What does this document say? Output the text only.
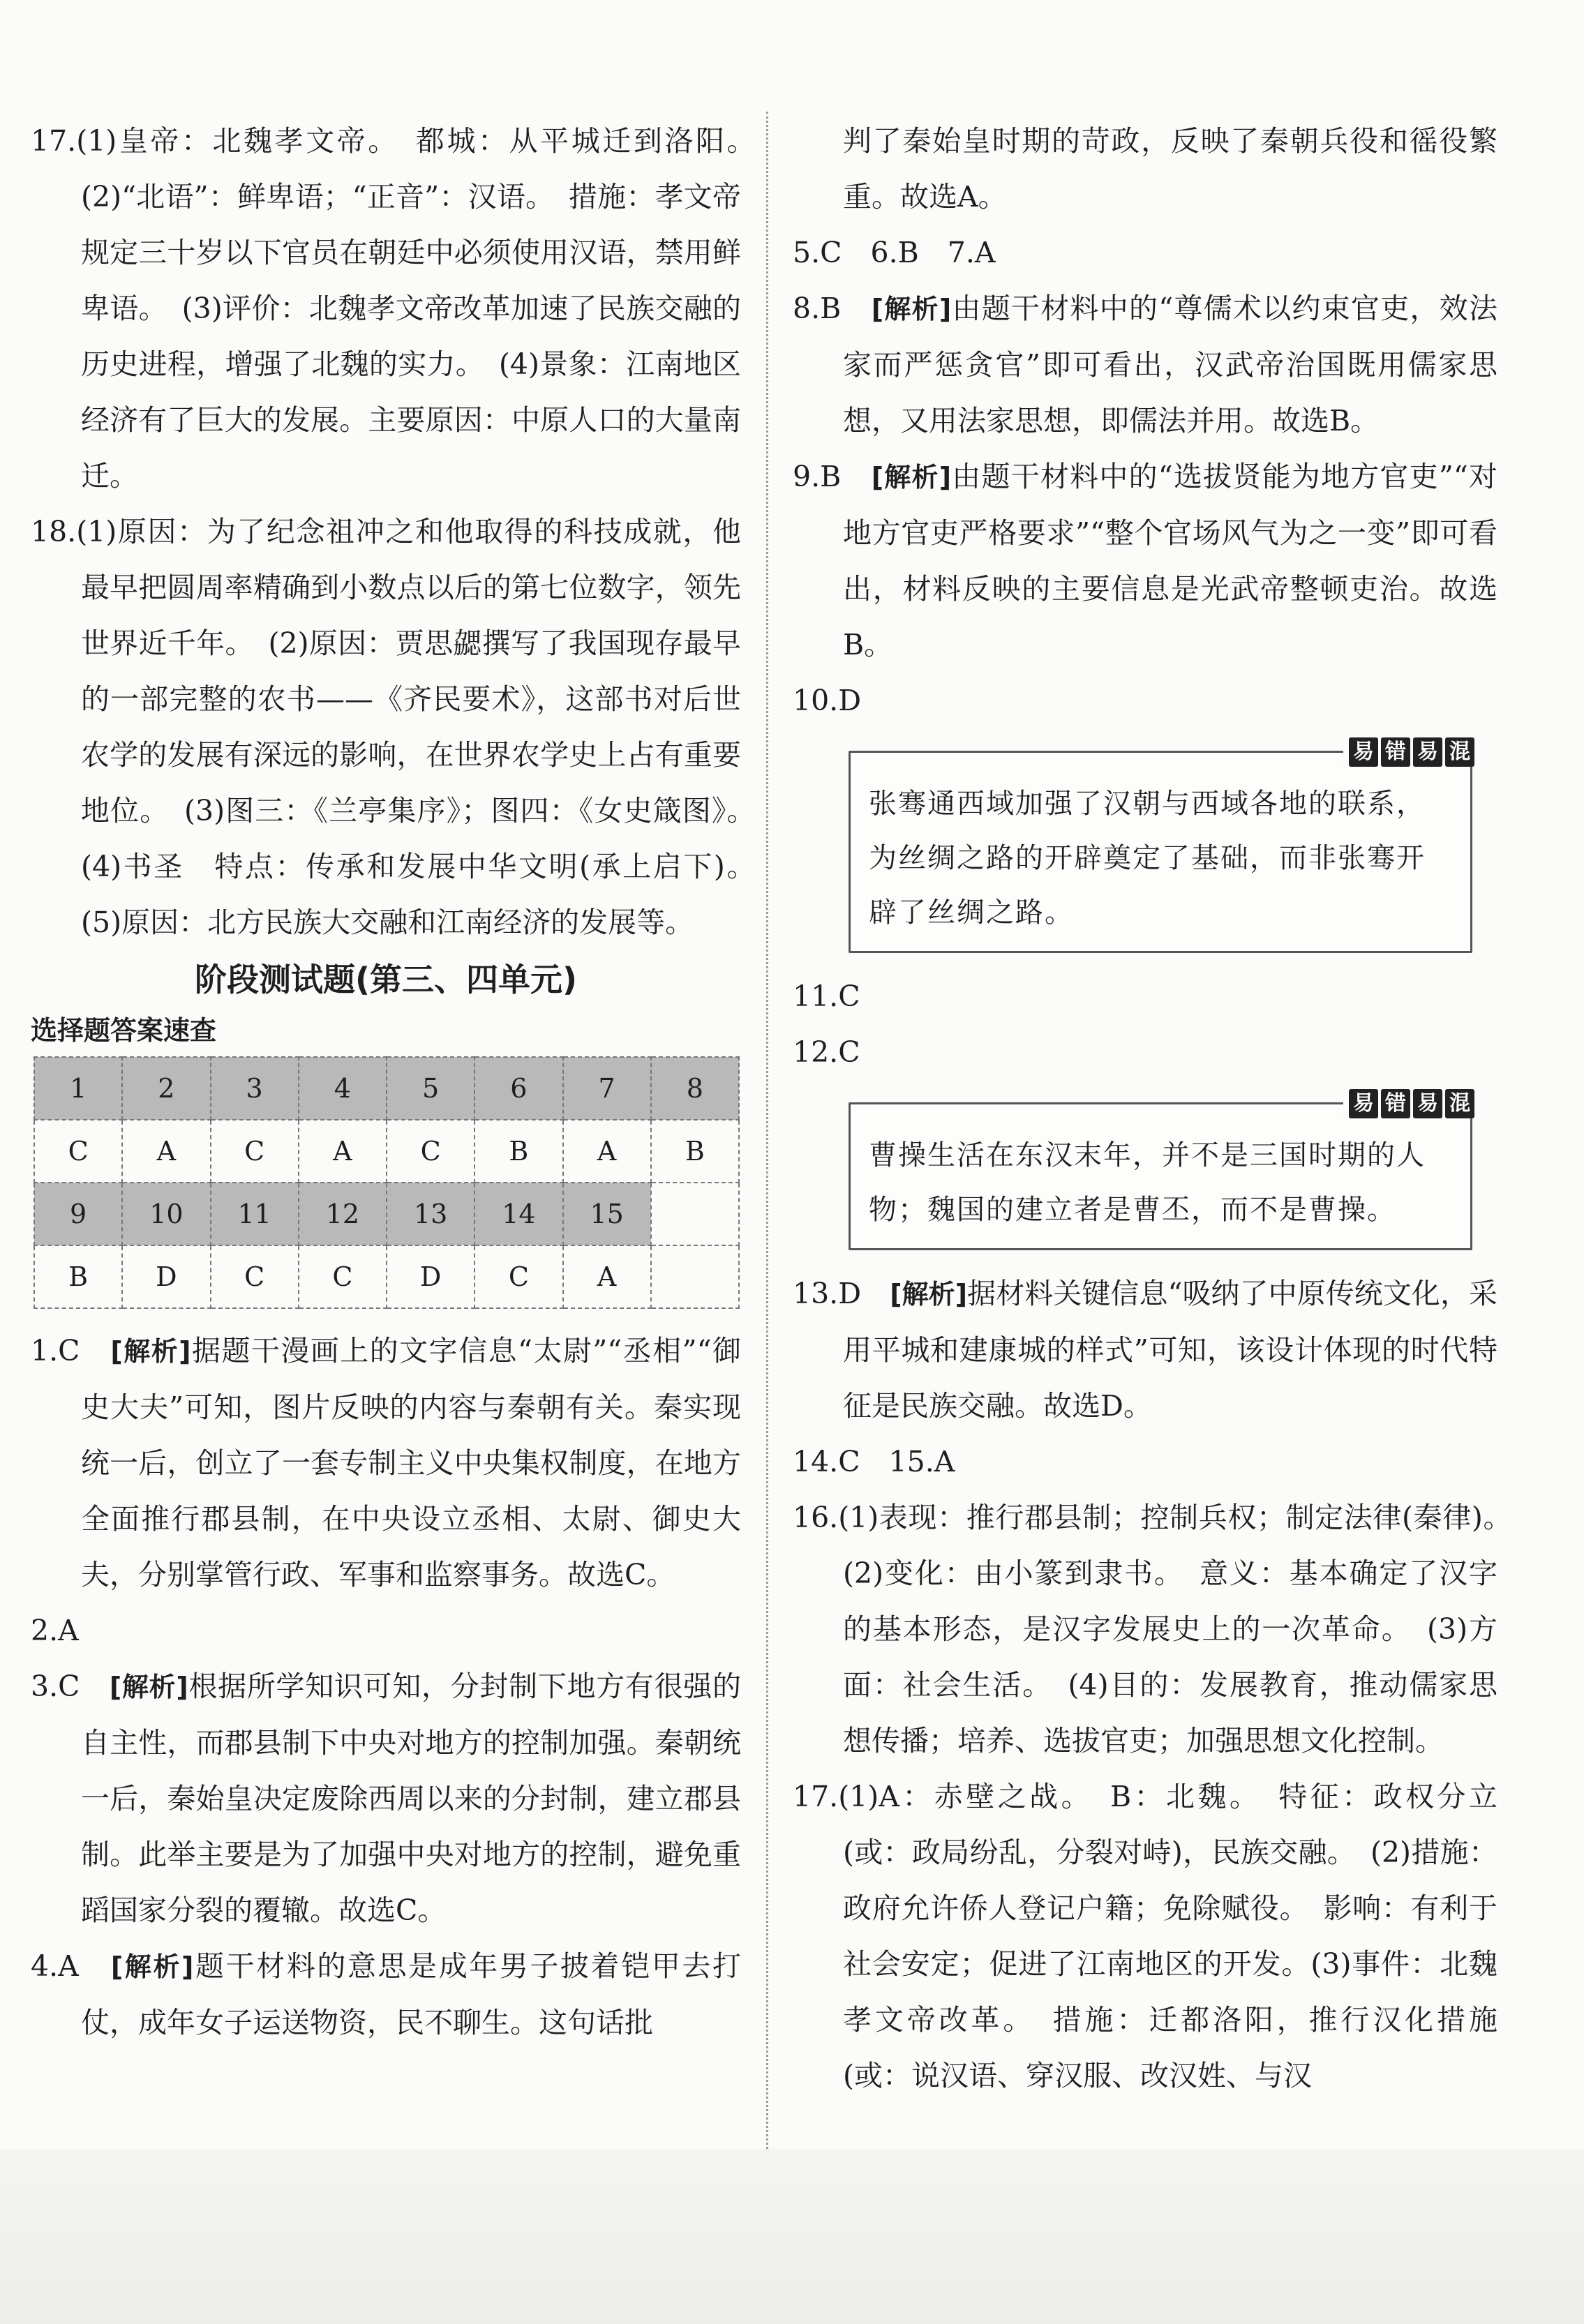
17.(1)皇帝：北魏孝文帝。　都城：从平城迁到洛阳。　(2)“北语”：鲜卑语；“正音”：汉语。　措施：孝文帝规定三十岁以下官员在朝廷中必须使用汉语，禁用鲜卑语。　(3)评价：北魏孝文帝改革加速了民族交融的历史进程，增强了北魏的实力。　(4)景象：江南地区经济有了巨大的发展。主要原因：中原人口的大量南迁。

18.(1)原因：为了纪念祖冲之和他取得的科技成就，他最早把圆周率精确到小数点以后的第七位数字，领先世界近千年。　(2)原因：贾思勰撰写了我国现存最早的一部完整的农书——《齐民要术》，这部书对后世农学的发展有深远的影响，在世界农学史上占有重要地位。　(3)图三：《兰亭集序》；图四：《女史箴图》。　(4)书圣　特点：传承和发展中华文明(承上启下)。　(5)原因：北方民族大交融和江南经济的发展等。

阶段测试题(第三、四单元)

选择题答案速查

1	2	3	4	5	6	7	8
C	A	C	A	C	B	A	B
9	10	11	12	13	14	15	
B	D	C	C	D	C	A	

1.C　 [解析]据题干漫画上的文字信息“太尉”“丞相”“御史大夫”可知，图片反映的内容与秦朝有关。秦实现统一后，创立了一套专制主义中央集权制度，在地方全面推行郡县制，在中央设立丞相、太尉、御史大夫，分别掌管行政、军事和监察事务。故选C。

2.A

3.C　 [解析]根据所学知识可知，分封制下地方有很强的自主性，而郡县制下中央对地方的控制加强。秦朝统一后，秦始皇决定废除西周以来的分封制，建立郡县制。此举主要是为了加强中央对地方的控制，避免重蹈国家分裂的覆辙。故选C。

4.A　 [解析]题干材料的意思是成年男子披着铠甲去打仗，成年女子运送物资，民不聊生。这句话批

判了秦始皇时期的苛政，反映了秦朝兵役和徭役繁重。故选A。

5.C　6.B　7.A

8.B　 [解析]由题干材料中的“尊儒术以约束官吏，效法家而严惩贪官”即可看出，汉武帝治国既用儒家思想，又用法家思想，即儒法并用。故选B。

9.B　 [解析]由题干材料中的“选拔贤能为地方官吏”“对地方官吏严格要求”“整个官场风气为之一变”即可看出，材料反映的主要信息是光武帝整顿吏治。故选B。

10.D

易 错 易 混

张骞通西域加强了汉朝与西域各地的联系，为丝绸之路的开辟奠定了基础，而非张骞开辟了丝绸之路。

11.C

12.C

易 错 易 混

曹操生活在东汉末年，并不是三国时期的人物；魏国的建立者是曹丕，而不是曹操。

13.D　 [解析]据材料关键信息“吸纳了中原传统文化，采用平城和建康城的样式”可知，该设计体现的时代特征是民族交融。故选D。

14.C　15.A

16.(1)表现：推行郡县制；控制兵权；制定法律(秦律)。　(2)变化：由小篆到隶书。　意义：基本确定了汉字的基本形态，是汉字发展史上的一次革命。　(3)方面：社会生活。　(4)目的：发展教育，推动儒家思想传播；培养、选拔官吏；加强思想文化控制。

17.(1)A：赤壁之战。　B：北魏。　特征：政权分立(或：政局纷乱，分裂对峙)，民族交融。　(2)措施：政府允许侨人登记户籍；免除赋役。　影响：有利于社会安定；促进了江南地区的开发。(3)事件：北魏孝文帝改革。　措施：迁都洛阳，推行汉化措施(或：说汉语、穿汉服、改汉姓、与汉
